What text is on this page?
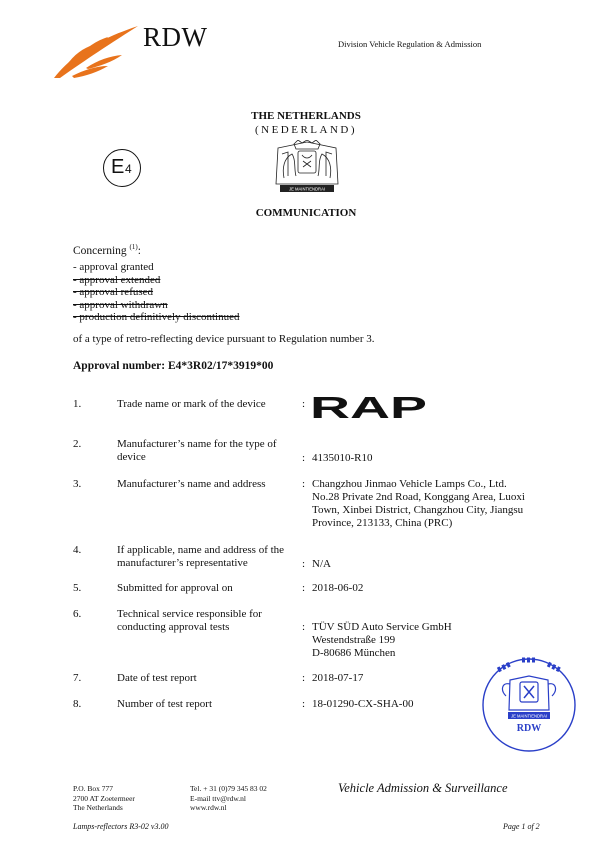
RDW	Division Vehicle Regulation & Admission
THE NETHERLANDS
(NEDERLAND)
E 4
JE MAINTIENDRAI
COMMUNICATION
Concerning $^{(1)}$:
- approval granted
- approval extended
- approval refused
- approval withdrawn
- production definitively discontinued
of a type of retro-reflecting device pursuant to Regulation number 3.
Approval number: E4*3R02/17*3919*00
1.	Trade name or mark of the device	:
2.	Manufacturer’s name for the type of device	: 4135010-R10
3.	Manufacturer’s name and address	: Changzhou Jinmao Vehicle Lamps Co., Ltd.
No.28 Private 2nd Road, Konggang Area, Luoxi
Town, Xinbei District, Changzhou City, Jiangsu
Province, 213133, China (PRC)
4.	If applicable, name and address of the manufacturer’s representative	: N/A
5.	Submitted for approval on	: 2018-06-02
6.	Technical service responsible for conducting approval tests	: TÜV SÜD Auto Service GmbH
Westendstraße 199
D-80686 München
7.	Date of test report	: 2018-07-17
8.	Number of test report	: 18-01290-CX-SHA-00
RAP
JE MAINTIENDRAI
RDW
P.O. Box 777
2700 AT Zoetermeer
The Netherlands
Tel. + 31 (0)79 345 83 02
E-mail ttv@rdw.nl
www.rdw.nl
Vehicle Admission & Surveillance
Lamps-reflectors R3-02 v3.00	Page 1 of 2
